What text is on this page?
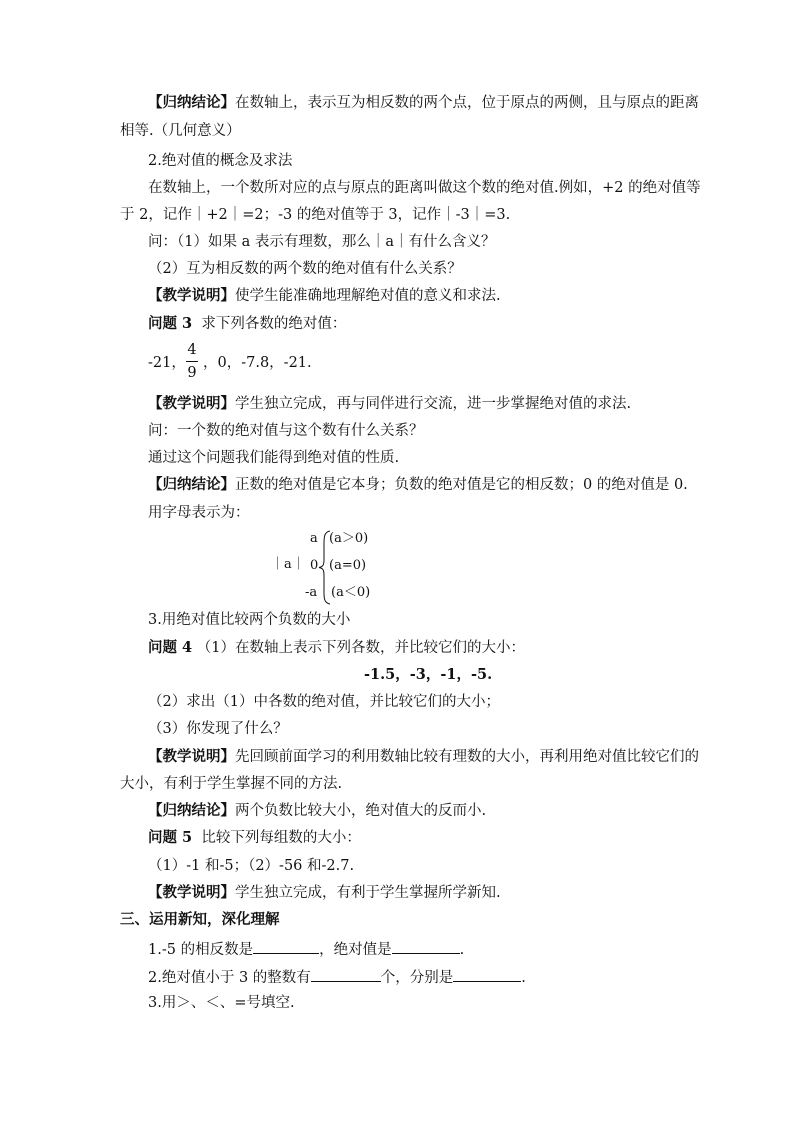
【归纳结论】在数轴上，表示互为相反数的两个点，位于原点的两侧，且与原点的距离
相等.（几何意义）
2.绝对值的概念及求法
在数轴上，一个数所对应的点与原点的距离叫做这个数的绝对值.例如，+2 的绝对值等
于 2，记作｜+2｜=2；-3 的绝对值等于 3，记作｜-3｜=3.
问：（1）如果 a 表示有理数，那么｜a｜有什么含义？
（2）互为相反数的两个数的绝对值有什么关系？
【教学说明】使学生能准确地理解绝对值的意义和求法.
问题 3 求下列各数的绝对值：
-21，
4
9
，0，-7.8，-21.
【教学说明】学生独立完成，再与同伴进行交流，进一步掌握绝对值的求法.
问：一个数的绝对值与这个数有什么关系？
通过这个问题我们能得到绝对值的性质.
【归纳结论】正数的绝对值是它本身；负数的绝对值是它的相反数；0 的绝对值是 0.
用字母表示为：
｜a｜
a
0
-a
(a＞0)
(a=0)
(a＜0)
3.用绝对值比较两个负数的大小
问题 4 （1）在数轴上表示下列各数，并比较它们的大小：
-1.5，-3，-1，-5.
（2）求出（1）中各数的绝对值，并比较它们的大小；
（3）你发现了什么？
【教学说明】先回顾前面学习的利用数轴比较有理数的大小，再利用绝对值比较它们的
大小，有利于学生掌握不同的方法.
【归纳结论】两个负数比较大小，绝对值大的反而小.
问题 5 比较下列每组数的大小：
（1）-1 和-5；（2）-56 和-2.7.
【教学说明】学生独立完成，有利于学生掌握所学新知.
三、运用新知，深化理解
1.-5 的相反数是	，绝对值是	.
2.绝对值小于 3 的整数有	个，分别是	.
3.用＞、＜、=号填空.
